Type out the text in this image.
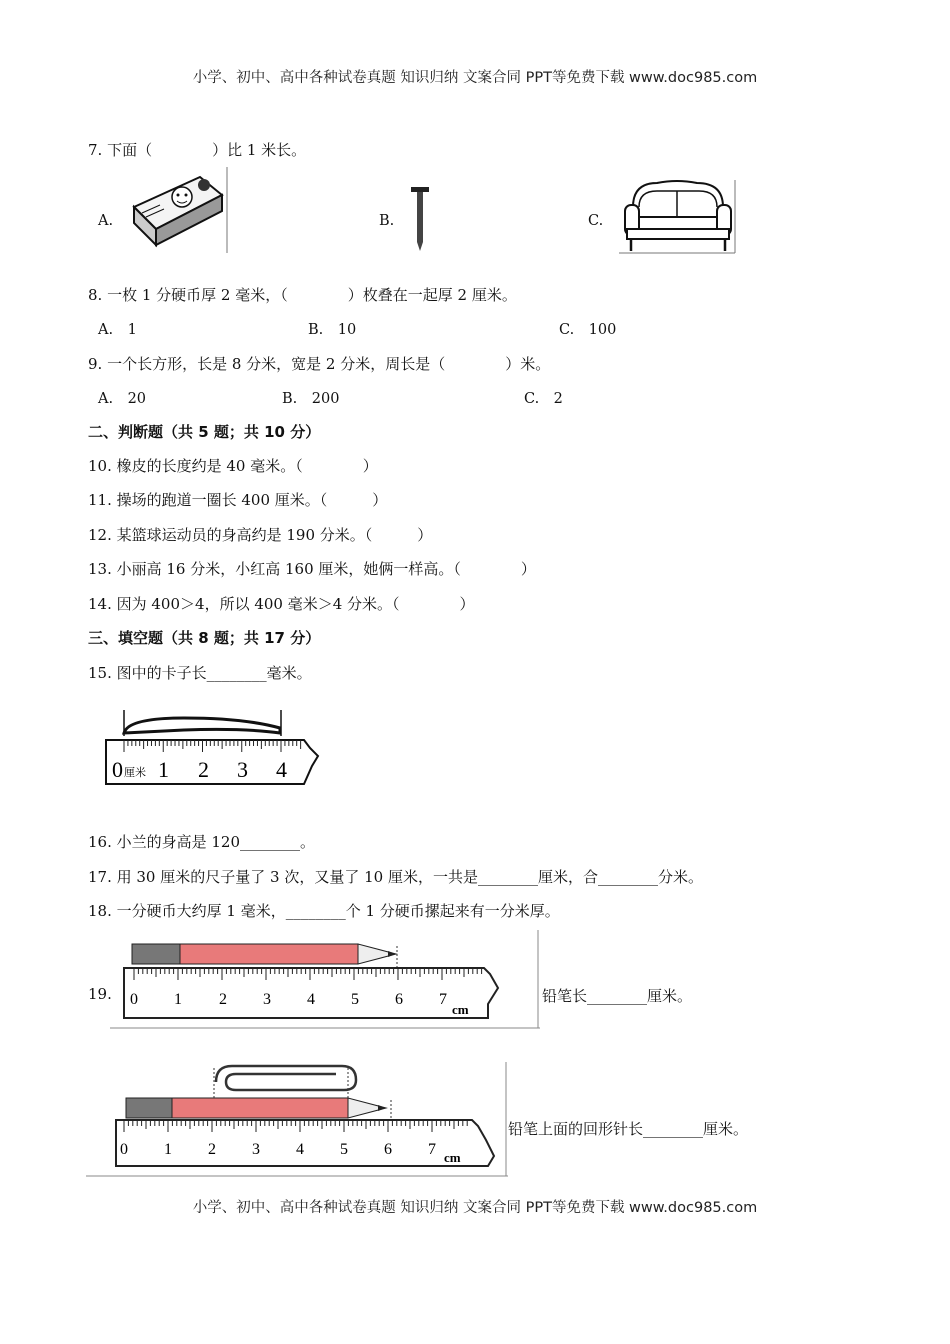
小学、初中、高中各种试卷真题 知识归纳 文案合同 PPT等免费下载 www.doc985.com
7. 下面（　　　　）比 1 米长。
A.	B.	C.
8. 一枚 1 分硬币厚 2 毫米，（　　　　）枚叠在一起厚 2 厘米。
A.　1	B.　10	C.　100
9. 一个长方形，长是 8 分米，宽是 2 分米，周长是（　　　　）米。
A.　20	B.　200	C.　2
二、判断题（共 5 题；共 10 分）
10. 橡皮的长度约是 40 毫米。（　　　　）
11. 操场的跑道一圈长 400 厘米。（　　　）
12. 某篮球运动员的身高约是 190 分米。（　　　）
13. 小丽高 16 分米，小红高 160 厘米，她俩一样高。（　　　　）
14. 因为 400＞4，所以 400 毫米＞4 分米。（　　　　）
三、填空题（共 8 题；共 17 分）
15. 图中的卡子长________毫米。
0 厘米 1 2 3 4
16. 小兰的身高是 120________。
17. 用 30 厘米的尺子量了 3 次，又量了 10 厘米，一共是________厘米，合________分米。
18. 一分硬币大约厚 1 毫米，________个 1 分硬币摞起来有一分米厚。
19. 0 1 2 3 4 5 6 7
cm
铅笔长________厘米。
0 1 2 3 4 5 6 7 cm
铅笔上面的回形针长________厘米。
小学、初中、高中各种试卷真题 知识归纳 文案合同 PPT等免费下载 www.doc985.com
